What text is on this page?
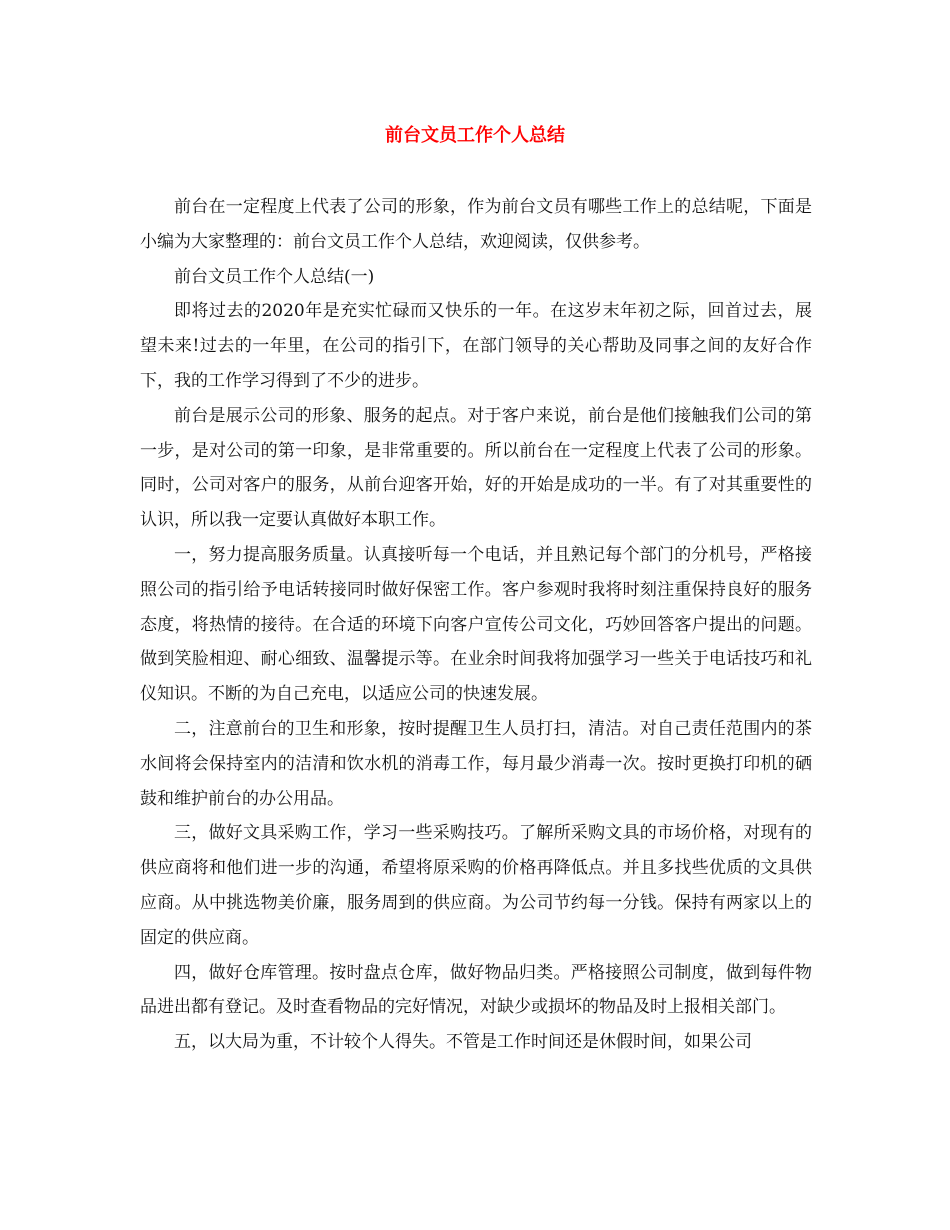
前台文员工作个人总结

前台在一定程度上代表了公司的形象，作为前台文员有哪些工作上的总结呢，下面是小编为大家整理的：前台文员工作个人总结，欢迎阅读，仅供参考。

前台文员工作个人总结(一)

即将过去的2020年是充实忙碌而又快乐的一年。在这岁末年初之际，回首过去，展望未来!过去的一年里，在公司的指引下，在部门领导的关心帮助及同事之间的友好合作下，我的工作学习得到了不少的进步。

前台是展示公司的形象、服务的起点。对于客户来说，前台是他们接触我们公司的第一步，是对公司的第一印象，是非常重要的。所以前台在一定程度上代表了公司的形象。同时，公司对客户的服务，从前台迎客开始，好的开始是成功的一半。有了对其重要性的认识，所以我一定要认真做好本职工作。

一，努力提高服务质量。认真接听每一个电话，并且熟记每个部门的分机号，严格接照公司的指引给予电话转接同时做好保密工作。客户参观时我将时刻注重保持良好的服务态度，将热情的接待。在合适的环境下向客户宣传公司文化，巧妙回答客户提出的问题。做到笑脸相迎、耐心细致、温馨提示等。在业余时间我将加强学习一些关于电话技巧和礼仪知识。不断的为自己充电，以适应公司的快速发展。

二，注意前台的卫生和形象，按时提醒卫生人员打扫，清洁。对自己责任范围内的茶水间将会保持室内的洁清和饮水机的消毒工作，每月最少消毒一次。按时更换打印机的硒鼓和维护前台的办公用品。

三，做好文具采购工作，学习一些采购技巧。了解所采购文具的市场价格，对现有的供应商将和他们进一步的沟通，希望将原采购的价格再降低点。并且多找些优质的文具供应商。从中挑选物美价廉，服务周到的供应商。为公司节约每一分钱。保持有两家以上的固定的供应商。

四，做好仓库管理。按时盘点仓库，做好物品归类。严格接照公司制度，做到每件物品进出都有登记。及时查看物品的完好情况，对缺少或损坏的物品及时上报相关部门。

五，以大局为重，不计较个人得失。不管是工作时间还是休假时间，如果公司
